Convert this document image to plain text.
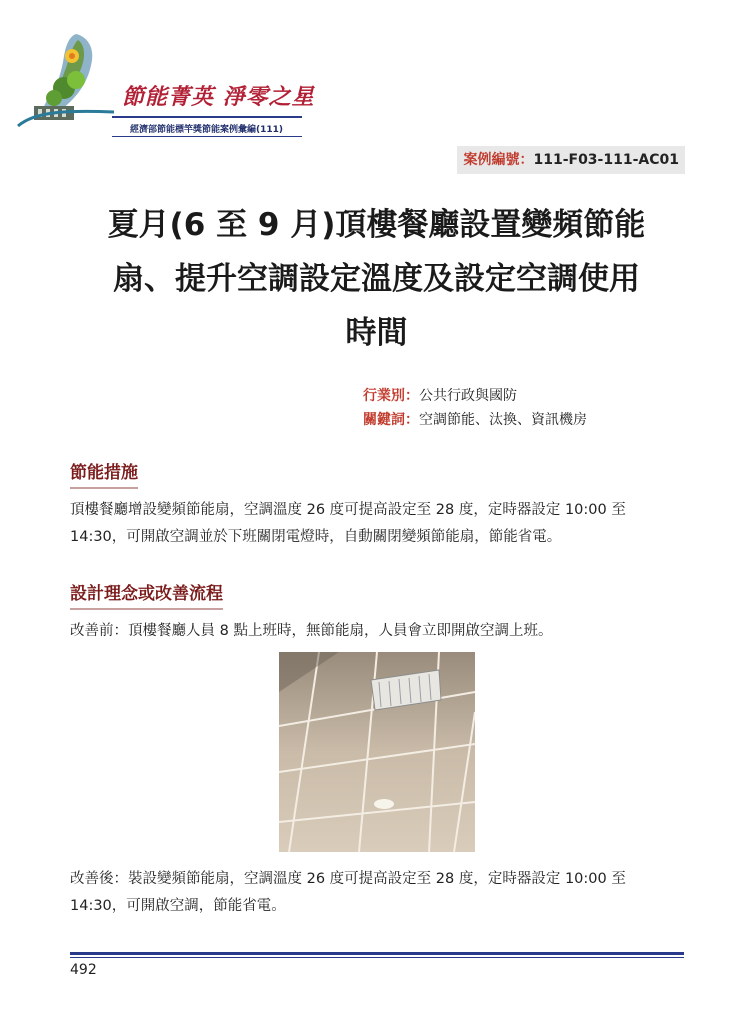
節能菁英 淨零之星
經濟部節能標竿獎節能案例彙編(111)
案例編號：111-F03-111-AC01
夏月(6 至 9 月)頂樓餐廳設置變頻節能
扇、提升空調設定溫度及設定空調使用
時間
行業別：公共行政與國防
關鍵詞：空調節能、汰換、資訊機房
節能措施
頂樓餐廳增設變頻節能扇，空調溫度 26 度可提高設定至 28 度，定時器設定 10:00 至
14:30，可開啟空調並於下班關閉電燈時，自動關閉變頻節能扇，節能省電。
設計理念或改善流程
改善前：頂樓餐廳人員 8 點上班時，無節能扇，人員會立即開啟空調上班。
改善後：裝設變頻節能扇，空調溫度 26 度可提高設定至 28 度，定時器設定 10:00 至
14:30，可開啟空調，節能省電。
492
